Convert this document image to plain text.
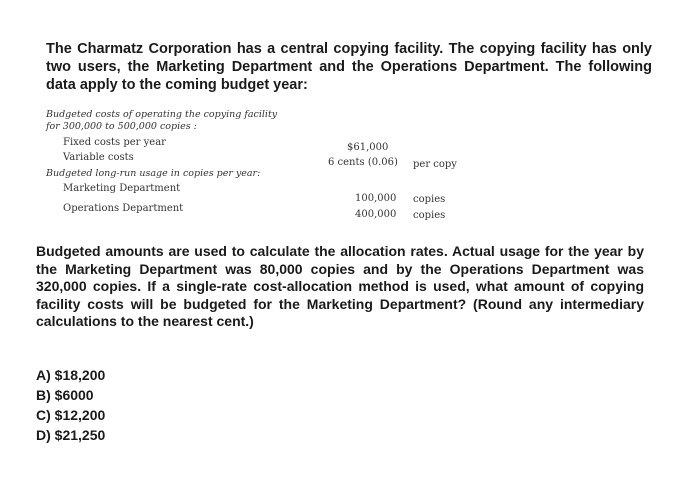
The Charmatz Corporation has a central copying facility. The copying facility has only two users, the Marketing Department and the Operations Department. The following data apply to the coming budget year:
Budgeted costs of operating the copying facility
for 300,000 to 500,000 copies :
Fixed costs per year	$61,000
Variable costs	6 cents (0.06) per copy
Budgeted long-run usage in copies per year:
Marketing Department
100,000 copies
Operations Department
400,000 copies
Budgeted amounts are used to calculate the allocation rates. Actual usage for the year by the Marketing Department was 80,000 copies and by the Operations Department was 320,000 copies. If a single-rate cost-allocation method is used, what amount of copying facility costs will be budgeted for the Marketing Department? (Round any intermediary calculations to the nearest cent.)
A) $18,200
B) $6000
C) $12,200
D) $21,250
